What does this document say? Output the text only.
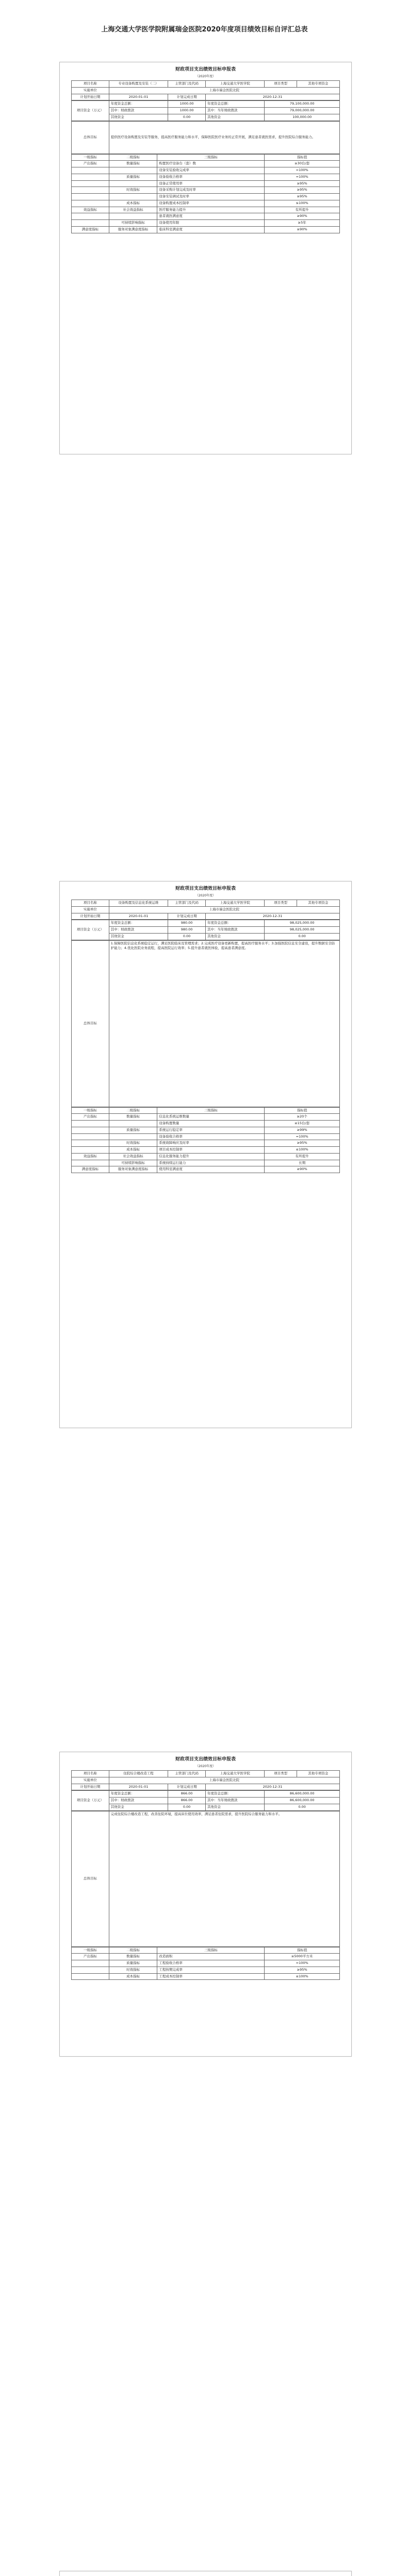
上海交通大学医学院附属瑞金医院2020年度项目绩效目标自评汇总表
财政项目支出绩效目标申报表
（2020年度）
项目名称	专业设备购置及安装（二）	主管部门及代码	上海交通大学医学院	项目类型	其他专项资金
实施单位	上海市瑞金医院北院				
计划开始日期	2020-01-01	计划完成日期	2020-12-31		
项目资金（万元）	年度资金总额：	1000.00	年度资金总额：	79,100,000.00
	其中：财政拨款	1000.00	其中：当年财政拨款	79,000,000.00
	其他资金	0.00	其他资金	100,000.00
总体目标	提供医疗设备购置及安装等服务，提高医疗服务能力和水平，保障医院医疗业务的正常开展，满足患者就医需求，提升医院综合服务能力。
一级指标	二级指标	三级指标	指标值
产出指标	数量指标	购置医疗设备台（套）数	≥30台/套
		设备安装验收完成率	=100%
	质量指标	设备验收合格率	=100%
		设备正常使用率	≥95%
	时效指标	设备采购计划完成及时率	≥95%
		设备安装调试及时率	≥95%
	成本指标	设备购置成本控制率	≤100%
效益指标	社会效益指标	医疗服务能力提升	有所提升
		患者就医满意度	≥90%
	可持续影响指标	设备使用年限	≥5年
满意度指标	服务对象满意度指标	临床科室满意度	≥90%
财政项目支出绩效目标申报表
（2020年度）
项目名称	设备购置及信息化系统运维	主管部门及代码	上海交通大学医学院	项目类型	其他专项资金
实施单位	上海市瑞金医院北院				
计划开始日期	2020-01-01	计划完成日期	2020-12-31		
项目资金（万元）	年度资金总额：	980.00	年度资金总额：	98,025,000.00
	其中：财政拨款	980.00	其中：当年财政拨款	98,025,000.00
	其他资金	0.00	其他资金	0.00
总体目标	1.保障医院信息化系统稳定运行，满足医院临床及管理需求；2.完成医疗设备更新购置，提高医疗服务水平；3.加强医院信息安全建设，提升数据安全防护能力；4.优化医院业务流程，提高医院运行效率；5.提升患者就医体验，提高患者满意度。
一级指标	二级指标	三级指标	指标值
产出指标	数量指标	信息化系统运维数量	≥20个
		设备购置数量	≥15台/套
	质量指标	系统运行稳定率	≥99%
		设备验收合格率	=100%
	时效指标	系统故障响应及时率	≥95%
	成本指标	项目成本控制率	≤100%
效益指标	社会效益指标	信息化服务能力提升	有所提升
	可持续影响指标	系统持续运行能力	长期
满意度指标	服务对象满意度指标	使用科室满意度	≥90%
财政项目支出绩效目标申报表
（2020年度）
项目名称	住院综合楼改造工程	主管部门及代码	上海交通大学医学院	项目类型	其他专项资金
实施单位	上海市瑞金医院北院				
计划开始日期	2020-01-01	计划完成日期	2020-12-31		
项目资金（万元）	年度资金总额：	866.00	年度资金总额：	86,600,000.00
	其中：财政拨款	866.00	其中：当年财政拨款	86,600,000.00
	其他资金	0.00	其他资金	0.00
总体目标	完成住院综合楼改造工程，改善住院环境，提高床位使用效率，满足患者住院需求，提升医院综合服务能力和水平。
一级指标	二级指标	三级指标	指标值
产出指标	数量指标	改造面积	≥5000平方米
	质量指标	工程验收合格率	=100%
	时效指标	工程按期完成率	≥95%
	成本指标	工程成本控制率	≤100%
